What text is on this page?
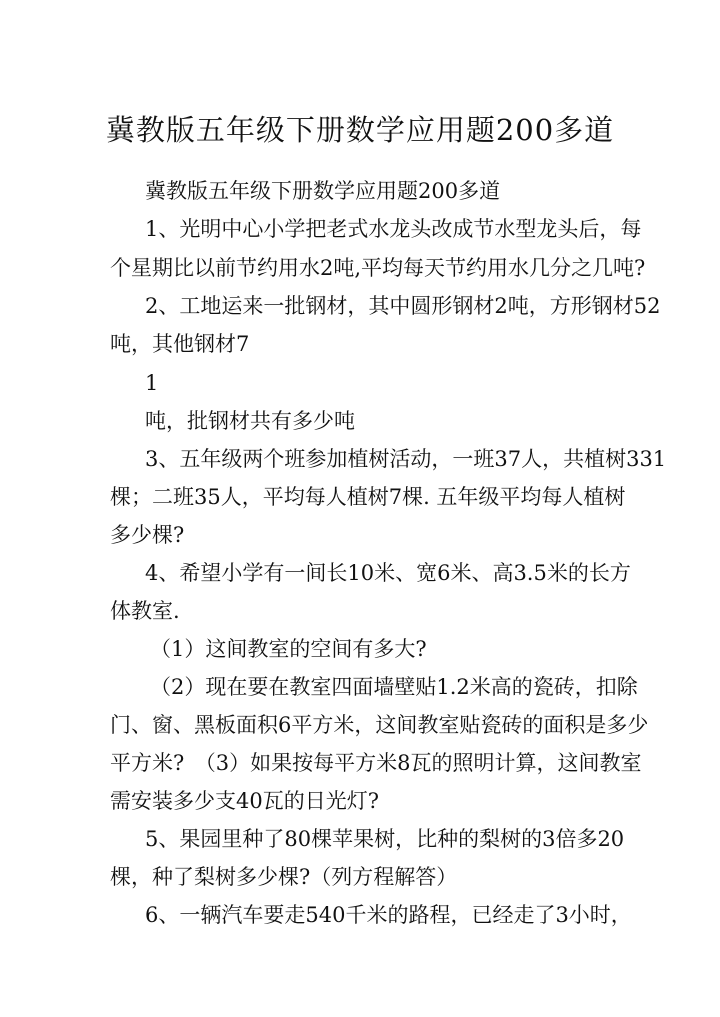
冀教版五年级下册数学应用题200多道
冀教版五年级下册数学应用题200多道
1、光明中心小学把老式水龙头改成节水型龙头后，每
个星期比以前节约用水2吨,平均每天节约用水几分之几吨?
2、工地运来一批钢材，其中圆形钢材2吨，方形钢材52
吨，其他钢材7
1
吨，批钢材共有多少吨
3、五年级两个班参加植树活动，一班37人，共植树331
棵；二班35人，平均每人植树7棵. 五年级平均每人植树
多少棵?
4、希望小学有一间长10米、宽6米、高3.5米的长方
体教室.
（1）这间教室的空间有多大?
（2）现在要在教室四面墙壁贴1.2米高的瓷砖，扣除
门、窗、黑板面积6平方米，这间教室贴瓷砖的面积是多少
平方米?　（3）如果按每平方米8瓦的照明计算，这间教室
需安装多少支40瓦的日光灯?
5、果园里种了80棵苹果树，比种的梨树的3倍多20
棵，种了梨树多少棵?（列方程解答）
6、一辆汽车要走540千米的路程，已经走了3小时，
